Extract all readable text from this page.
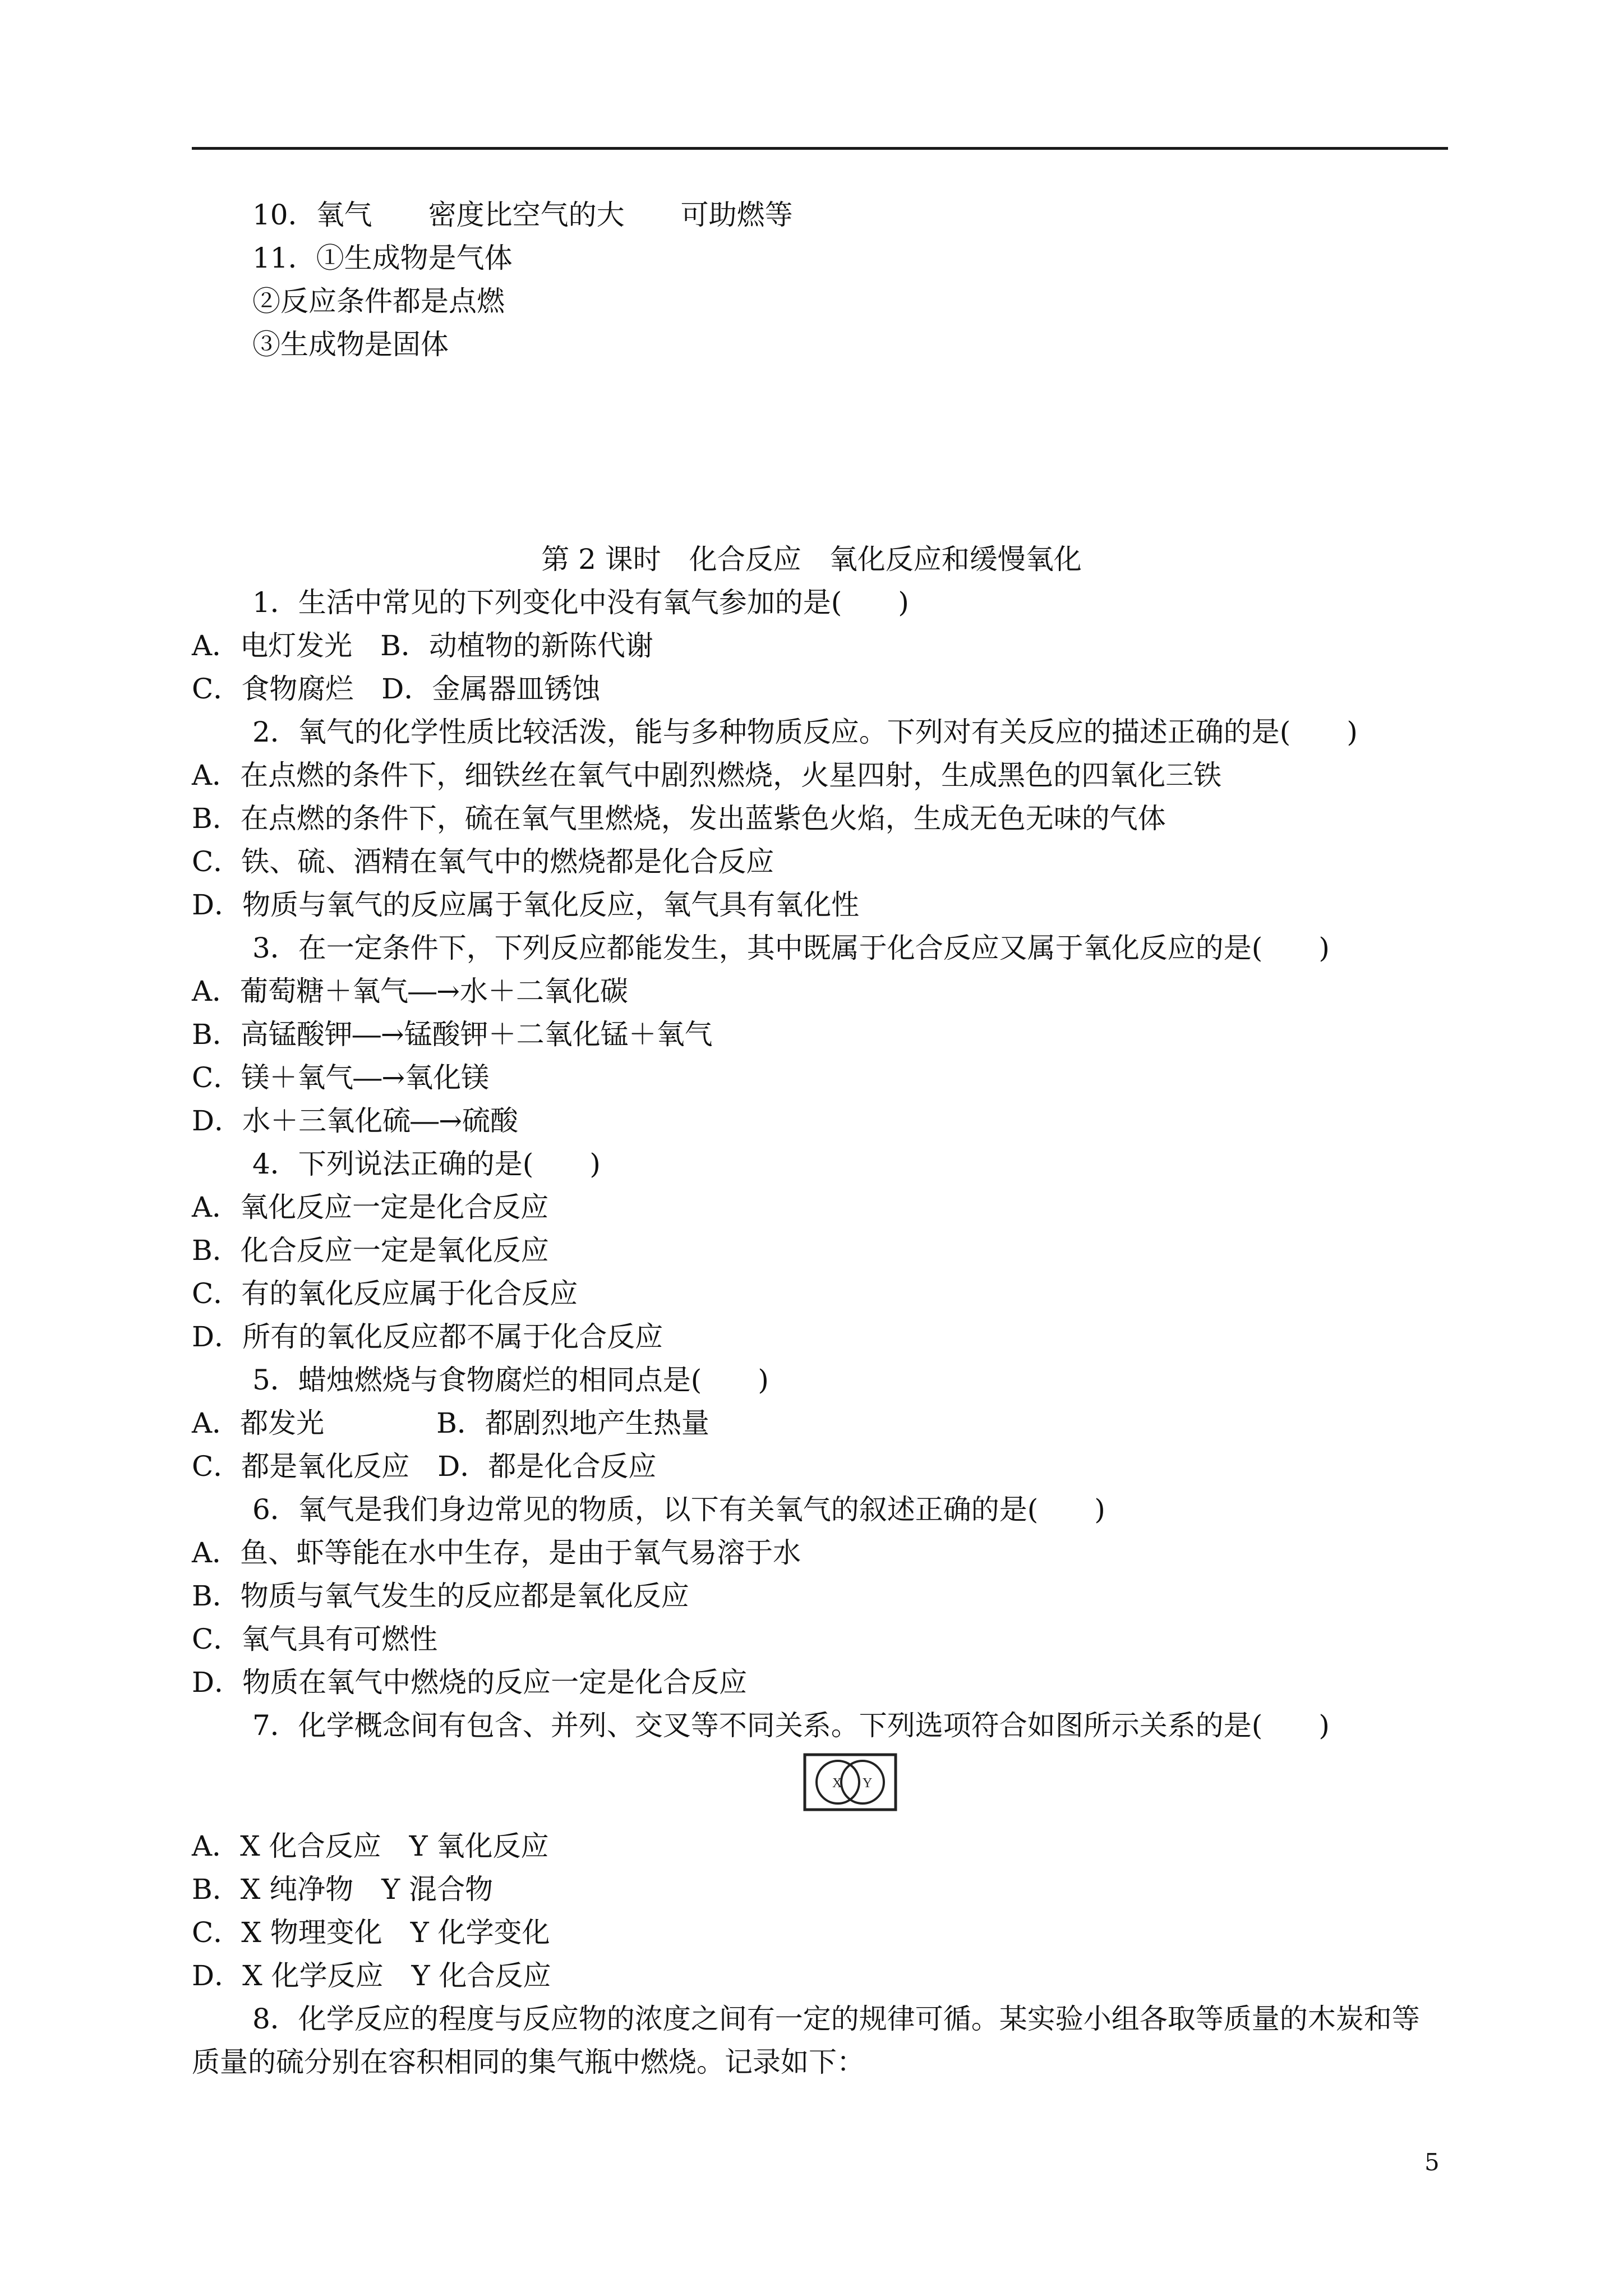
10．氧气　　密度比空气的大　　可助燃等
11．①生成物是气体
②反应条件都是点燃
③生成物是固体
第 2 课时　化合反应　氧化反应和缓慢氧化
1．生活中常见的下列变化中没有氧气参加的是(　　)
A．电灯发光　B．动植物的新陈代谢
C．食物腐烂　D．金属器皿锈蚀
2．氧气的化学性质比较活泼，能与多种物质反应。下列对有关反应的描述正确的是(　　)
A．在点燃的条件下，细铁丝在氧气中剧烈燃烧，火星四射，生成黑色的四氧化三铁
B．在点燃的条件下，硫在氧气里燃烧，发出蓝紫色火焰，生成无色无味的气体
C．铁、硫、酒精在氧气中的燃烧都是化合反应
D．物质与氧气的反应属于氧化反应，氧气具有氧化性
3．在一定条件下，下列反应都能发生，其中既属于化合反应又属于氧化反应的是(　　)
A．葡萄糖＋氧气―→水＋二氧化碳
B．高锰酸钾―→锰酸钾＋二氧化锰＋氧气
C．镁＋氧气―→氧化镁
D．水＋三氧化硫―→硫酸
4．下列说法正确的是(　　)
A．氧化反应一定是化合反应
B．化合反应一定是氧化反应
C．有的氧化反应属于化合反应
D．所有的氧化反应都不属于化合反应
5．蜡烛燃烧与食物腐烂的相同点是(　　)
A．都发光　　　　B．都剧烈地产生热量
C．都是氧化反应　D．都是化合反应
6．氧气是我们身边常见的物质，以下有关氧气的叙述正确的是(　　)
A．鱼、虾等能在水中生存，是由于氧气易溶于水
B．物质与氧气发生的反应都是氧化反应
C．氧气具有可燃性
D．物质在氧气中燃烧的反应一定是化合反应
7．化学概念间有包含、并列、交叉等不同关系。下列选项符合如图所示关系的是(　　)
X Y
A．X 化合反应　Y 氧化反应
B．X 纯净物　Y 混合物
C．X 物理变化　Y 化学变化
D．X 化学反应　Y 化合反应
8．化学反应的程度与反应物的浓度之间有一定的规律可循。某实验小组各取等质量的木炭和等
质量的硫分别在容积相同的集气瓶中燃烧。记录如下：
5
